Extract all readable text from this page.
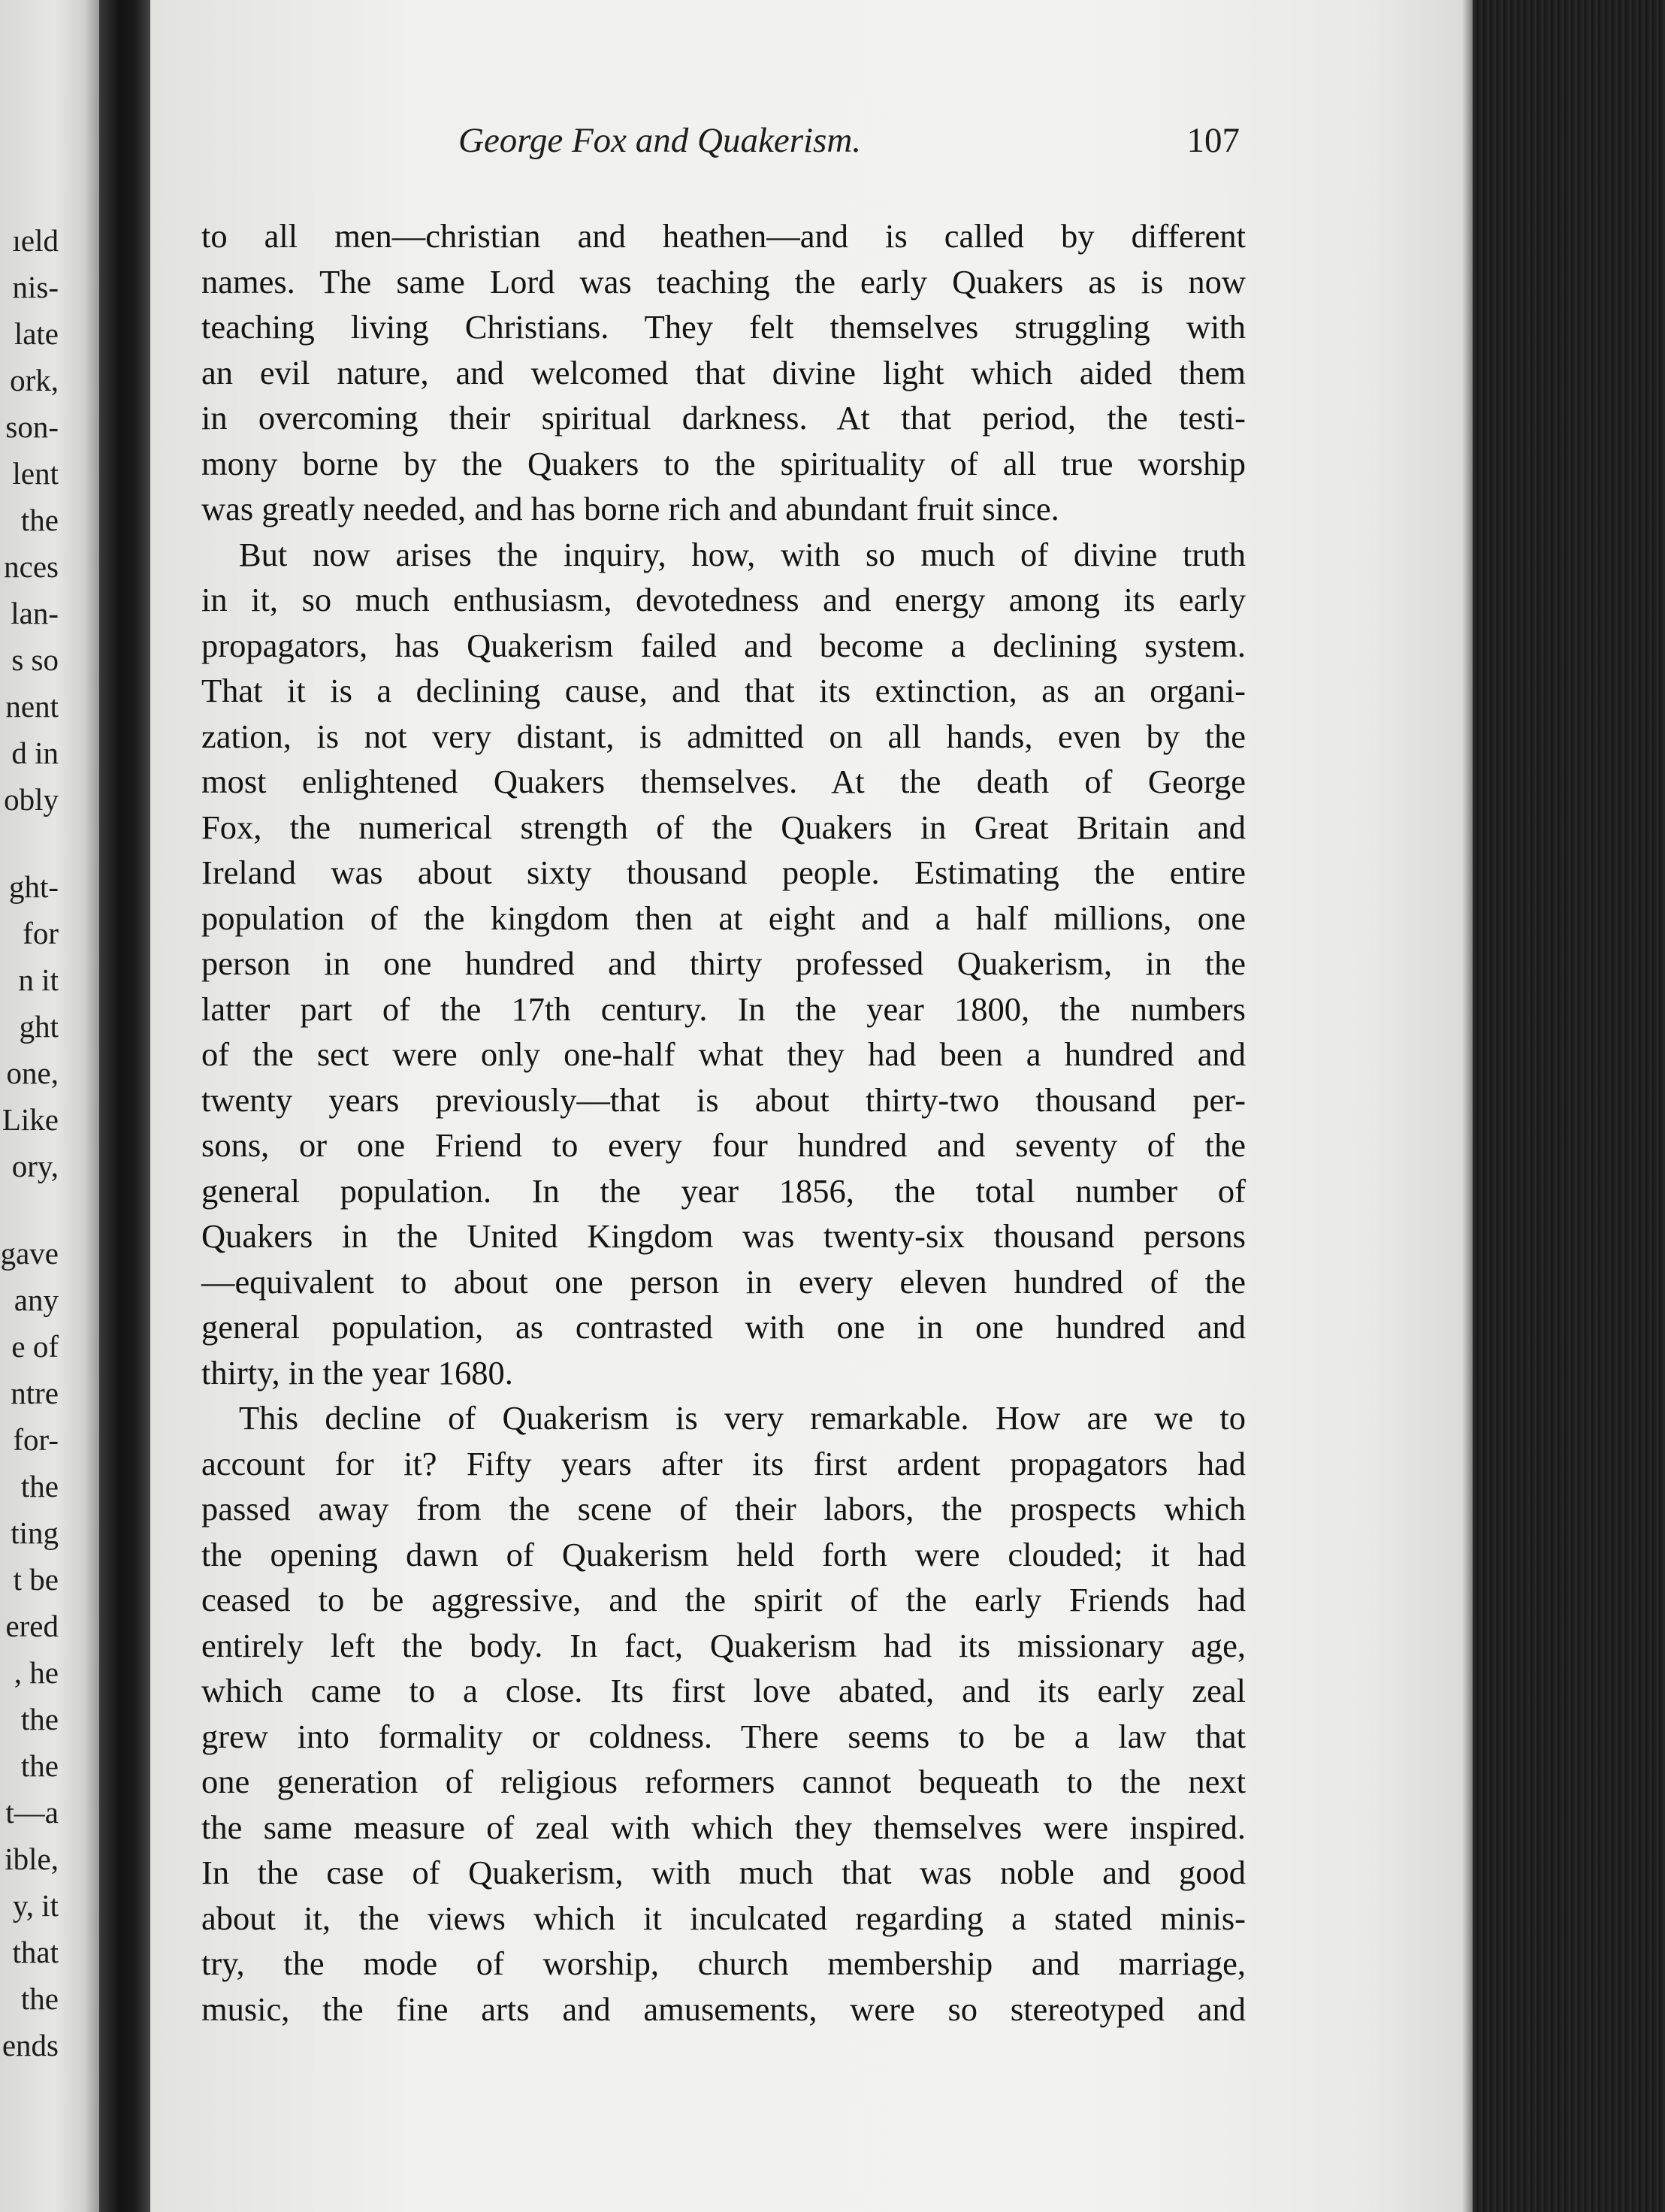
ıeld
nis-
late
ork,
son-
lent
the
nces
lan-
s so
nent
d in
obly
ght-
for
n it
ght
one,
Like
ory,
gave
any
e of
ntre
for-
the
ting
t be
ered
, he
the
the
t—a
ible,
y, it
that
the
ends
George Fox and Quakerism.	107

to all men—christian and heathen—and is called by different

names. The same Lord was teaching the early Quakers as is now

teaching living Christians. They felt themselves struggling with

an evil nature, and welcomed that divine light which aided them

in overcoming their spiritual darkness. At that period, the testi-

mony borne by the Quakers to the spirituality of all true worship

was greatly needed, and has borne rich and abundant fruit since.

But now arises the inquiry, how, with so much of divine truth

in it, so much enthusiasm, devotedness and energy among its early

propagators, has Quakerism failed and become a declining system.

That it is a declining cause, and that its extinction, as an organi-

zation, is not very distant, is admitted on all hands, even by the

most enlightened Quakers themselves. At the death of George

Fox, the numerical strength of the Quakers in Great Britain and

Ireland was about sixty thousand people. Estimating the entire

population of the kingdom then at eight and a half millions, one

person in one hundred and thirty professed Quakerism, in the

latter part of the 17th century. In the year 1800, the numbers

of the sect were only one-half what they had been a hundred and

twenty years previously—that is about thirty-two thousand per-

sons, or one Friend to every four hundred and seventy of the

general population. In the year 1856, the total number of

Quakers in the United Kingdom was twenty-six thousand persons

—equivalent to about one person in every eleven hundred of the

general population, as contrasted with one in one hundred and

thirty, in the year 1680.

This decline of Quakerism is very remarkable. How are we to

account for it? Fifty years after its first ardent propagators had

passed away from the scene of their labors, the prospects which

the opening dawn of Quakerism held forth were clouded; it had

ceased to be aggressive, and the spirit of the early Friends had

entirely left the body. In fact, Quakerism had its missionary age,

which came to a close. Its first love abated, and its early zeal

grew into formality or coldness. There seems to be a law that

one generation of religious reformers cannot bequeath to the next

the same measure of zeal with which they themselves were inspired.

In the case of Quakerism, with much that was noble and good

about it, the views which it inculcated regarding a stated minis-

try, the mode of worship, church membership and marriage,

music, the fine arts and amusements, were so stereotyped and
